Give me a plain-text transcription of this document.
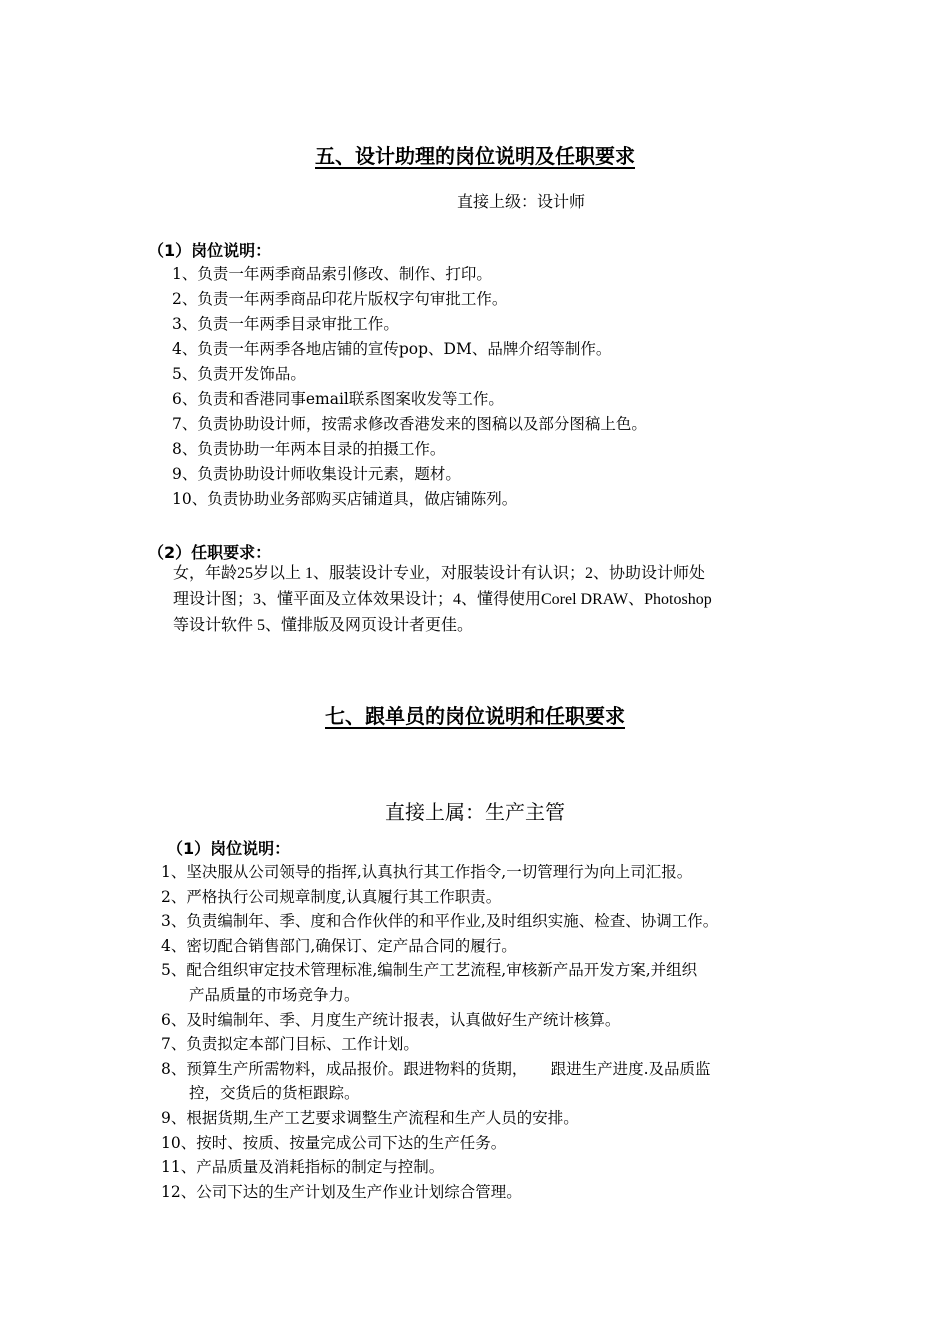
五、设计助理的岗位说明及任职要求
直接上级：设计师
（1）岗位说明：
1、负责一年两季商品索引修改、制作、打印。
2、负责一年两季商品印花片版权字句审批工作。
3、负责一年两季目录审批工作。
4、负责一年两季各地店铺的宣传pop、DM、品牌介绍等制作。
5、负责开发饰品。
6、负责和香港同事email联系图案收发等工作。
7、负责协助设计师，按需求修改香港发来的图稿以及部分图稿上色。
8、负责协助一年两本目录的拍摄工作。
9、负责协助设计师收集设计元素，题材。
10、负责协助业务部购买店铺道具，做店铺陈列。
（2）任职要求：
女，年龄25岁以上 1、服装设计专业，对服装设计有认识；2、协助设计师处
理设计图；3、懂平面及立体效果设计；4、懂得使用Corel DRAW、Photoshop
等设计软件 5、懂排版及网页设计者更佳。
七、跟单员的岗位说明和任职要求
直接上属：生产主管
（1）岗位说明：
1、坚决服从公司领导的指挥,认真执行其工作指令,一切管理行为向上司汇报。
2、严格执行公司规章制度,认真履行其工作职责。
3、负责编制年、季、度和合作伙伴的和平作业,及时组织实施、检查、协调工作。
4、密切配合销售部门,确保订、定产品合同的履行。
5、配合组织审定技术管理标准,编制生产工艺流程,审核新产品开发方案,并组织
产品质量的市场竞争力。
6、及时编制年、季、月度生产统计报表，认真做好生产统计核算。
7、负责拟定本部门目标、工作计划。
8、预算生产所需物料，成品报价。跟进物料的货期，　　跟进生产进度.及品质监
控，交货后的货柜跟踪。
9、根据货期,生产工艺要求调整生产流程和生产人员的安排。
10、按时、按质、按量完成公司下达的生产任务。
11、产品质量及消耗指标的制定与控制。
12、公司下达的生产计划及生产作业计划综合管理。
